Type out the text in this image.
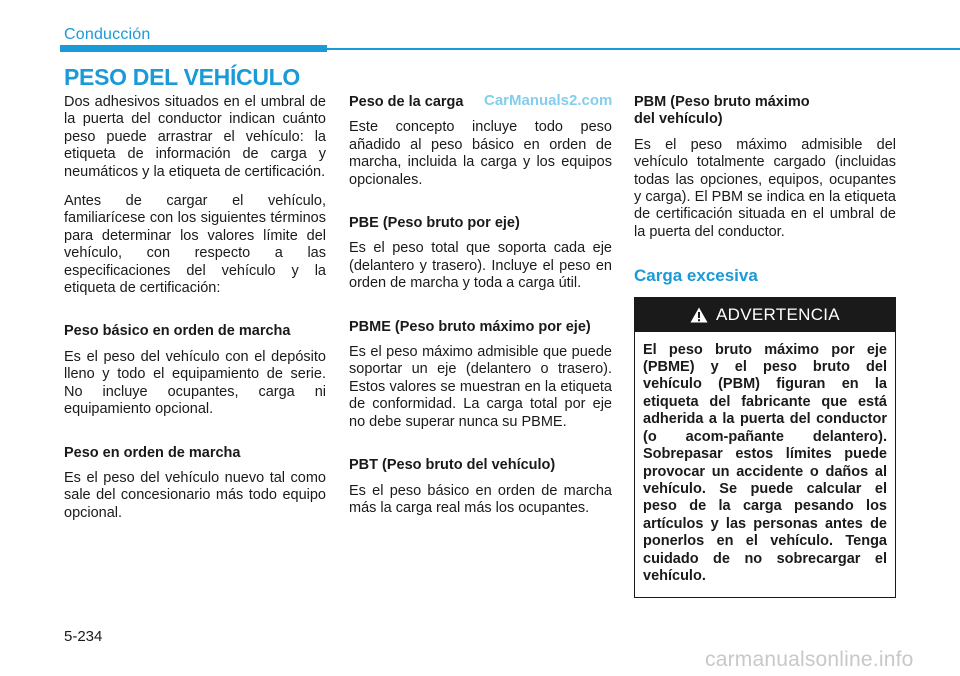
Conducción
PESO DEL VEHÍCULO
CarManuals2.com

Dos adhesivos situados en el umbral de la puerta del conductor indican cuánto peso puede arrastrar el vehículo: la etiqueta de información de carga y neumáticos y la etiqueta de certificación.

Antes de cargar el vehículo, familiarícese con los siguientes términos para determinar los valores límite del vehículo, con respecto a las especificaciones del vehículo y la etiqueta de certificación:

Peso básico en orden de marcha

Es el peso del vehículo con el depósito lleno y todo el equipamiento de serie. No incluye ocupantes, carga ni equipamiento opcional.

Peso en orden de marcha

Es el peso del vehículo nuevo tal como sale del concesionario más todo equipo opcional.

Peso de la carga

Este concepto incluye todo peso añadido al peso básico en orden de marcha, incluida la carga y los equipos opcionales.

PBE (Peso bruto por eje)

Es el peso total que soporta cada eje (delantero y trasero). Incluye el peso en orden de marcha y toda a carga útil.

PBME (Peso bruto máximo por eje)

Es el peso máximo admisible que puede soportar un eje (delantero o trasero). Estos valores se muestran en la etiqueta de conformidad. La carga total por eje no debe superar nunca su PBME.

PBT (Peso bruto del vehículo)

Es el peso básico en orden de marcha más la carga real más los ocupantes.

PBM (Peso bruto máximo del vehículo)

Es el peso máximo admisible del vehículo totalmente cargado (incluidas todas las opciones, equipos, ocupantes y carga). El PBM se indica en la etiqueta de certificación situada en el umbral de la puerta del conductor.

Carga excesiva

ADVERTENCIA
El peso bruto máximo por eje (PBME) y el peso bruto del vehículo (PBM) figuran en la etiqueta del fabricante que está adherida a la puerta del conductor (o acom-pañante delantero). Sobrepasar estos límites puede provocar un accidente o daños al vehículo. Se puede calcular el peso de la carga pesando los artículos y las personas antes de ponerlos en el vehículo. Tenga cuidado de no sobrecargar el vehículo.
5-234
carmanualsonline.info
